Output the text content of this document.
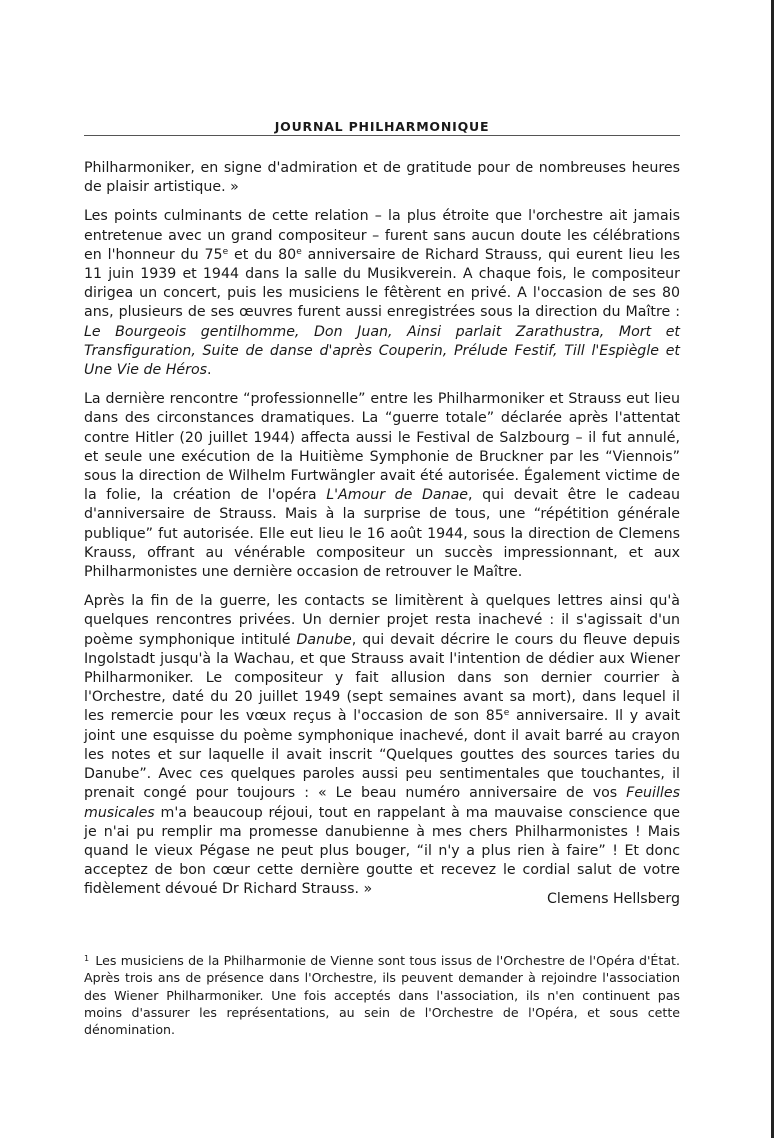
JOURNAL PHILHARMONIQUE

Philharmoniker, en signe d'admiration et de gratitude pour de nombreuses heures de plaisir artistique. »

Les points culminants de cette relation – la plus étroite que l'orchestre ait jamais entretenue avec un grand compositeur – furent sans aucun doute les célébrations en l'honneur du 75e et du 80e anniversaire de Richard Strauss, qui eurent lieu les 11 juin 1939 et 1944 dans la salle du Musikverein. A chaque fois, le compositeur dirigea un concert, puis les musiciens le fêtèrent en privé. A l'occasion de ses 80 ans, plusieurs de ses œuvres furent aussi enregistrées sous la direction du Maître : Le Bourgeois gentilhomme, Don Juan, Ainsi parlait Zarathustra, Mort et Transfiguration, Suite de danse d'après Couperin, Prélude Festif, Till l'Espiègle et Une Vie de Héros.

La dernière rencontre “professionnelle” entre les Philharmoniker et Strauss eut lieu dans des circonstances dramatiques. La “guerre totale” déclarée après l'attentat contre Hitler (20 juillet 1944) affecta aussi le Festival de Salzbourg – il fut annulé, et seule une exécution de la Huitième Symphonie de Bruckner par les “Viennois” sous la direction de Wilhelm Furtwängler avait été autorisée. Également victime de la folie, la création de l'opéra L'Amour de Danae, qui devait être le cadeau d'anniversaire de Strauss. Mais à la surprise de tous, une “répétition générale publique” fut autorisée. Elle eut lieu le 16 août 1944, sous la direction de Clemens Krauss, offrant au vénérable compositeur un succès impressionnant, et aux Philharmonistes une dernière occasion de retrouver le Maître.

Après la fin de la guerre, les contacts se limitèrent à quelques lettres ainsi qu'à quelques rencontres privées. Un dernier projet resta inachevé : il s'agissait d'un poème symphonique intitulé Danube, qui devait décrire le cours du fleuve depuis Ingolstadt jusqu'à la Wachau, et que Strauss avait l'intention de dédier aux Wiener Philharmoniker. Le compositeur y fait allusion dans son dernier courrier à l'Orchestre, daté du 20 juillet 1949 (sept semaines avant sa mort), dans lequel il les remercie pour les vœux reçus à l'occasion de son 85e anniversaire. Il y avait joint une esquisse du poème symphonique inachevé, dont il avait barré au crayon les notes et sur laquelle il avait inscrit “Quelques gouttes des sources taries du Danube”. Avec ces quelques paroles aussi peu sentimentales que touchantes, il prenait congé pour toujours : « Le beau numéro anniversaire de vos Feuilles musicales m'a beaucoup réjoui, tout en rappelant à ma mauvaise conscience que je n'ai pu remplir ma promesse danubienne à mes chers Philharmonistes ! Mais quand le vieux Pégase ne peut plus bouger, “il n'y a plus rien à faire” ! Et donc acceptez de bon cœur cette dernière goutte et recevez le cordial salut de votre fidèlement dévoué Dr Richard Strauss. »

Clemens Hellsberg
$^1$ Les musiciens de la Philharmonie de Vienne sont tous issus de l'Orchestre de l'Opéra d'État. Après trois ans de présence dans l'Orchestre, ils peuvent demander à rejoindre l'association des Wiener Philharmoniker. Une fois acceptés dans l'association, ils n'en continuent pas moins d'assurer les représentations, au sein de l'Orchestre de l'Opéra, et sous cette dénomination.
